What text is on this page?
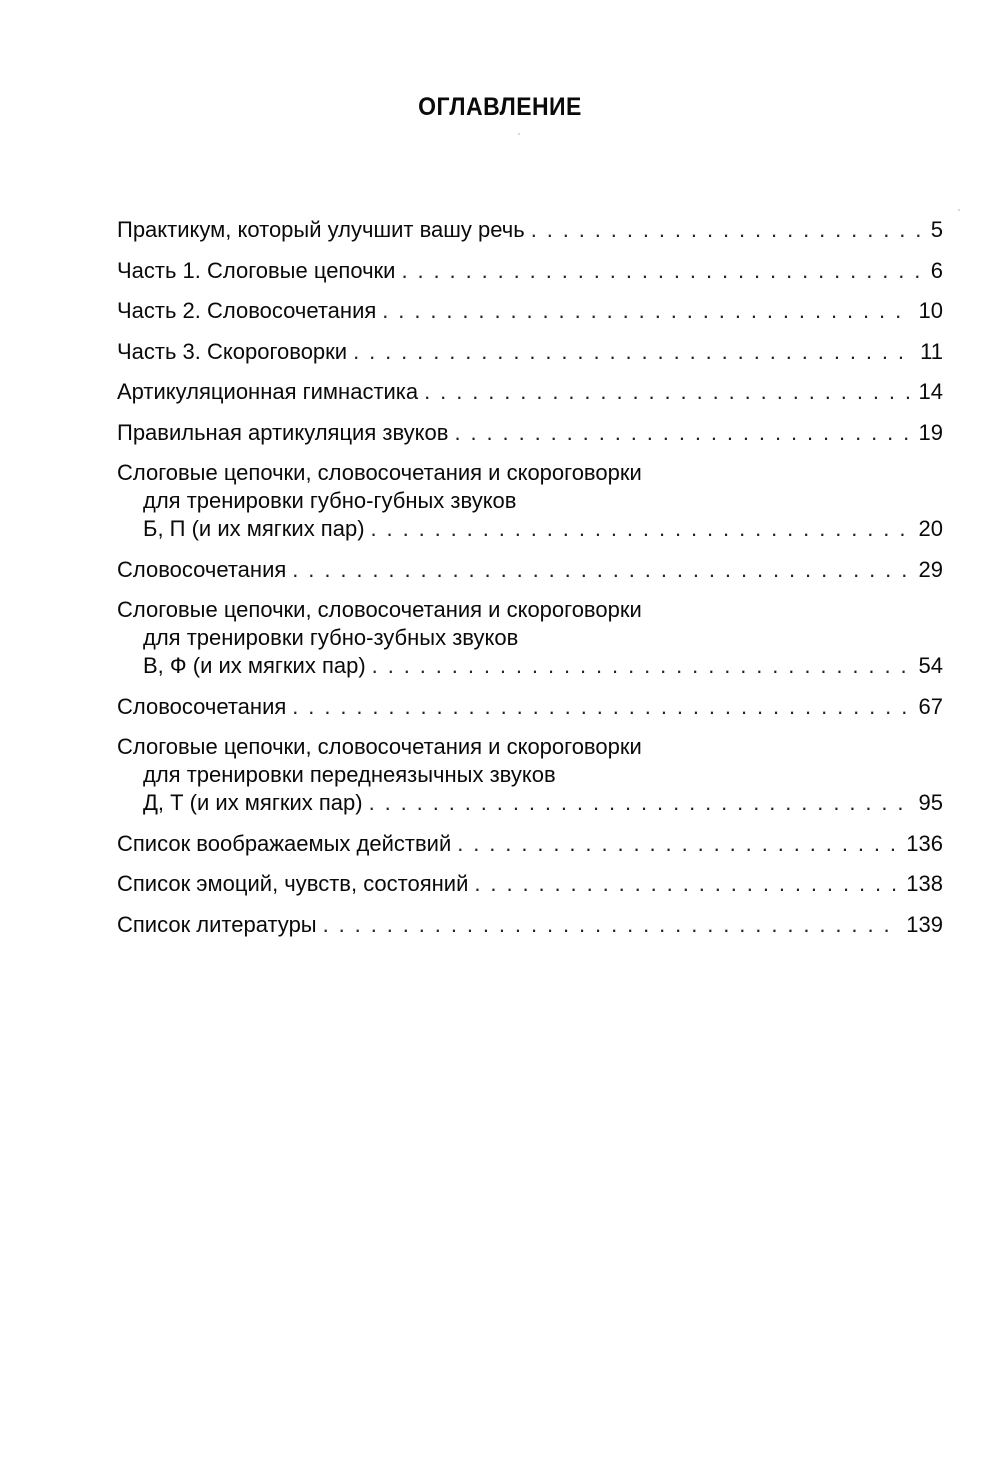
ОГЛАВЛЕНИЕ
Практикум, который улучшит вашу речь . . .	5
Часть 1. Слоговые цепочки . . .	6
Часть 2. Словосочетания . . .	10
Часть 3. Скороговорки . . .	11
Артикуляционная гимнастика . . .	14
Правильная артикуляция звуков . . .	19
Слоговые цепочки, словосочетания и скороговорки
для тренировки губно-губных звуков
Б, П (и их мягких пар) . . .	20
Словосочетания . . .	29
Слоговые цепочки, словосочетания и скороговорки
для тренировки губно-зубных звуков
В, Ф (и их мягких пар) . . .	54
Словосочетания . . .	67
Слоговые цепочки, словосочетания и скороговорки
для тренировки переднеязычных звуков
Д, Т (и их мягких пар) . . .	95
Список воображаемых действий . . .	136
Список эмоций, чувств, состояний . . .	138
Список литературы . . .	139
